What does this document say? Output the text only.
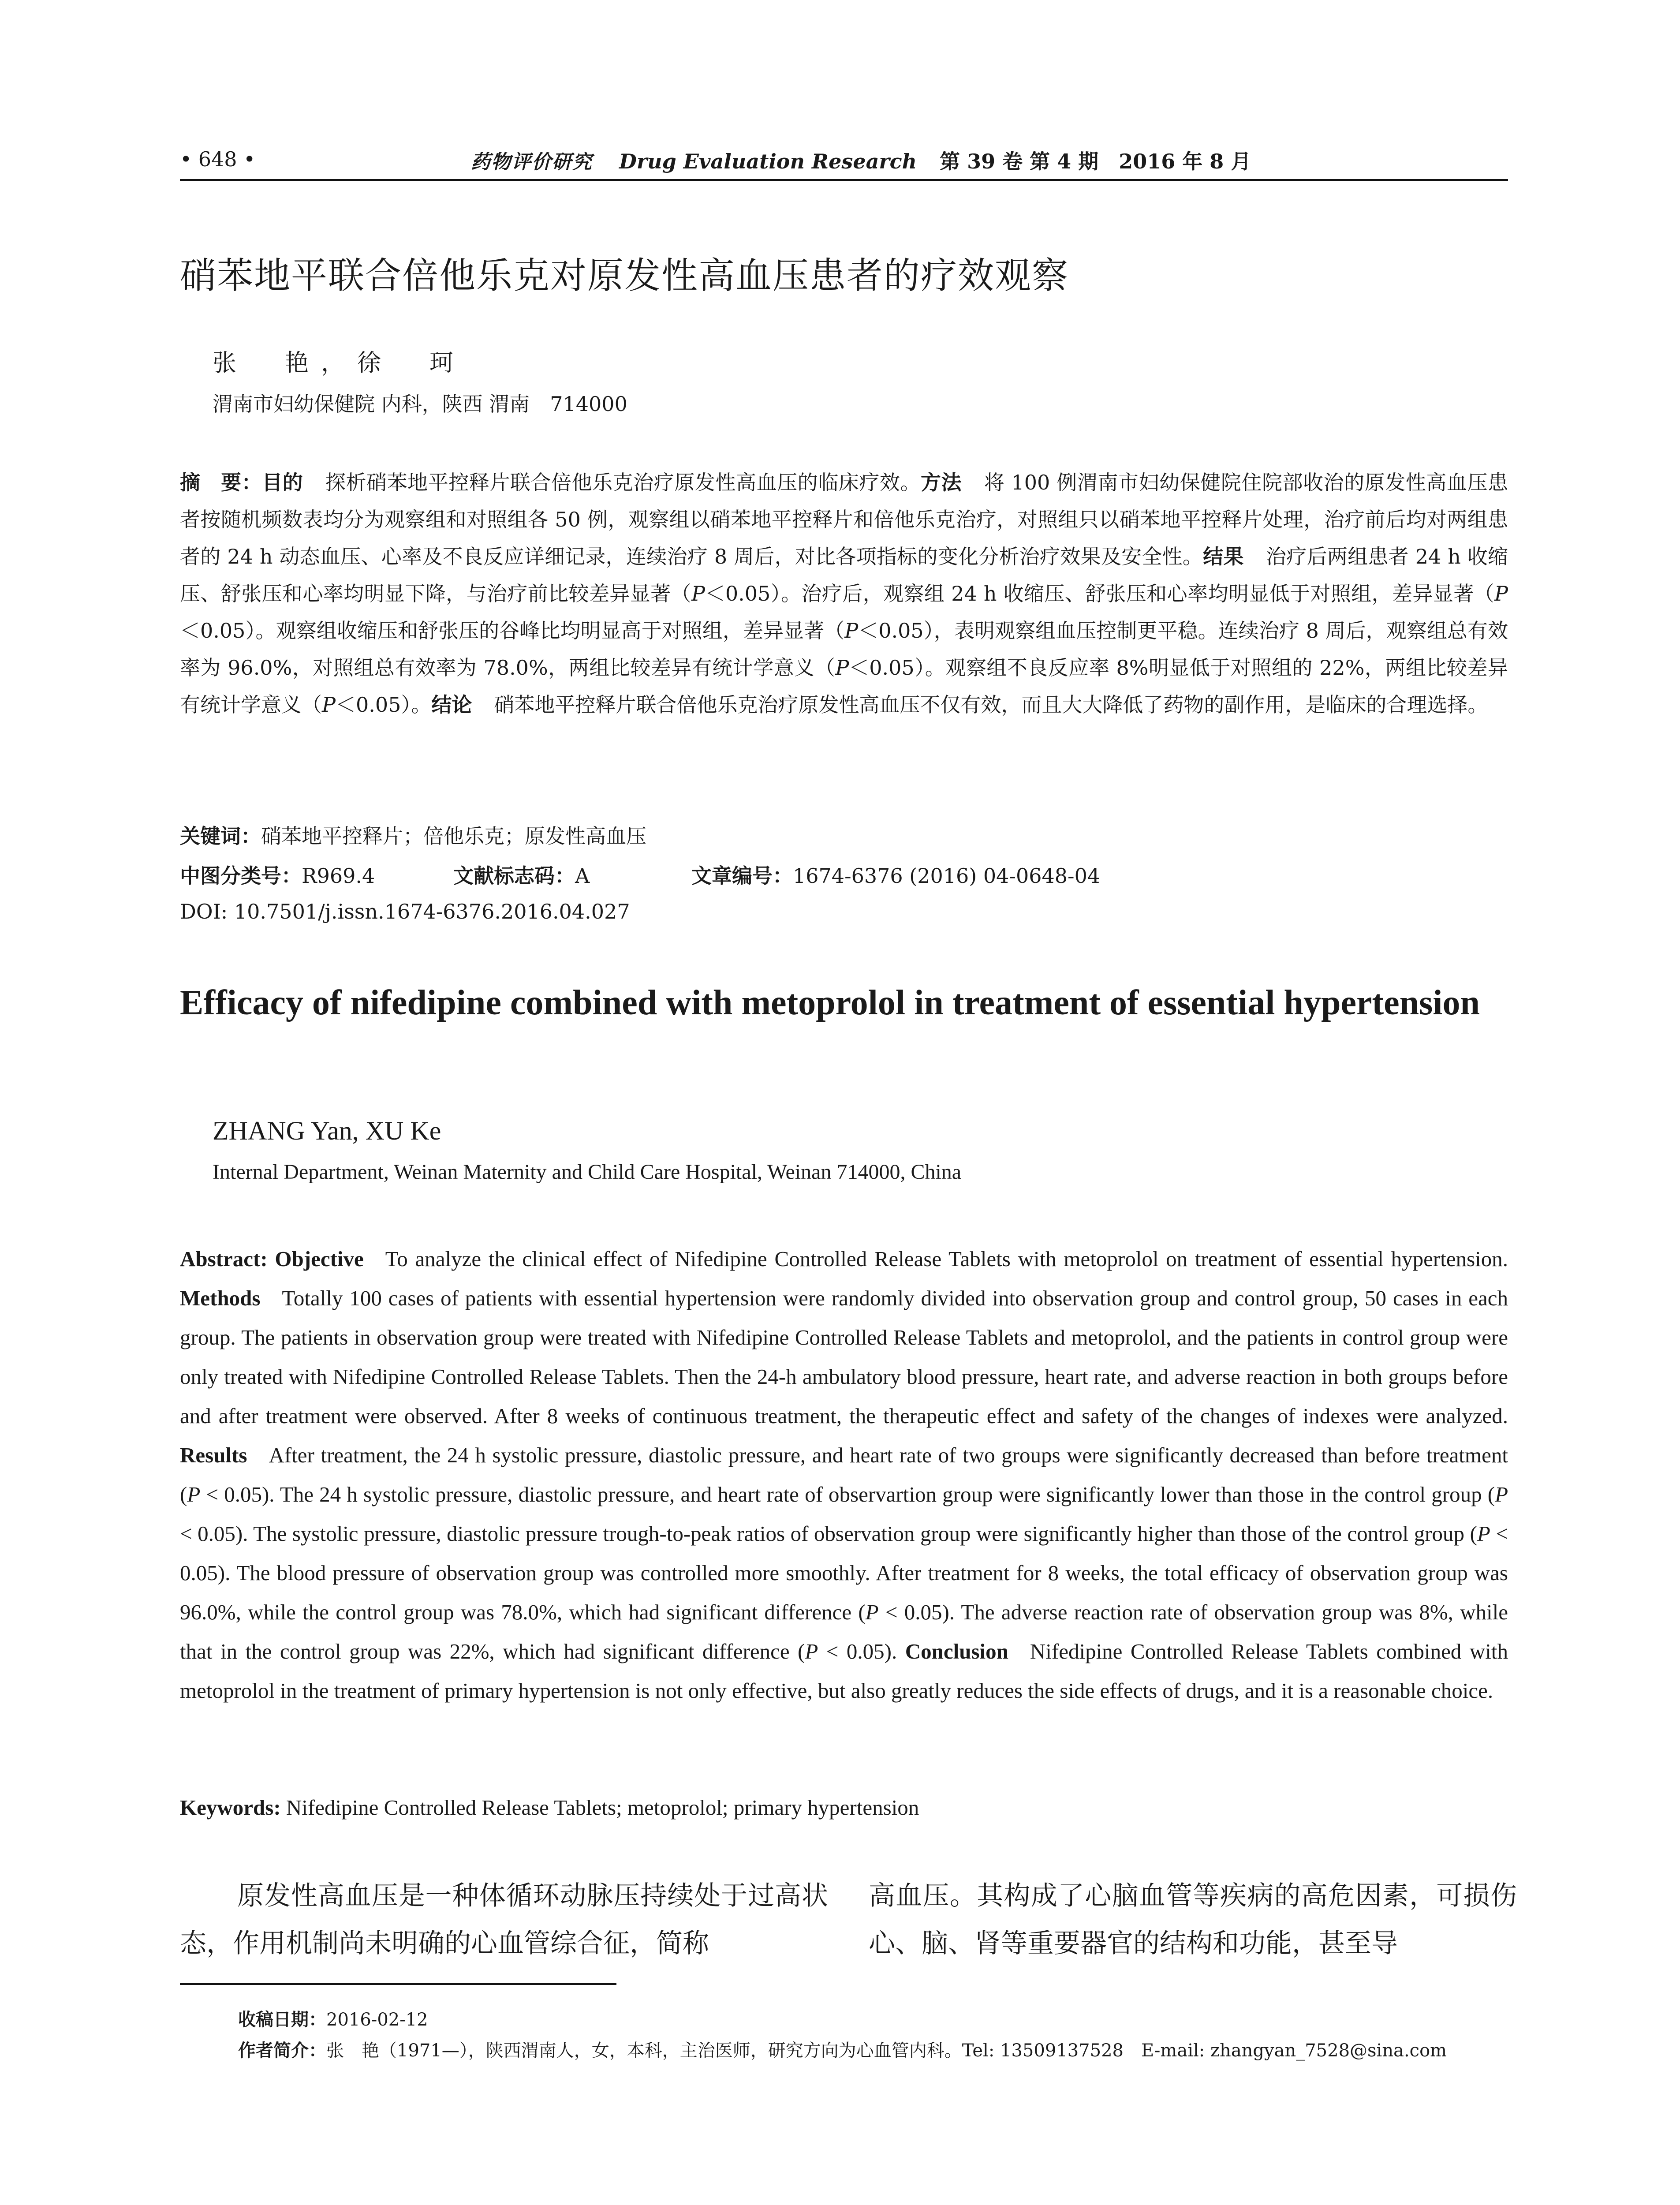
• 648 •	药物评价研究 Drug Evaluation Research 第 39 卷 第 4 期　2016 年 8 月
硝苯地平联合倍他乐克对原发性高血压患者的疗效观察
张　艳，徐　珂
渭南市妇幼保健院 内科，陕西 渭南　714000

摘　要：目的 探析硝苯地平控释片联合倍他乐克治疗原发性高血压的临床疗效。方法 将 100 例渭南市妇幼保健院住院部收治的原发性高血压患者按随机频数表均分为观察组和对照组各 50 例，观察组以硝苯地平控释片和倍他乐克治疗，对照组只以硝苯地平控释片处理，治疗前后均对两组患者的 24 h 动态血压、心率及不良反应详细记录，连续治疗 8 周后，对比各项指标的变化分析治疗效果及安全性。结果 治疗后两组患者 24 h 收缩压、舒张压和心率均明显下降，与治疗前比较差异显著（P＜0.05）。治疗后，观察组 24 h 收缩压、舒张压和心率均明显低于对照组，差异显著（P＜0.05）。观察组收缩压和舒张压的谷峰比均明显高于对照组，差异显著（P＜0.05），表明观察组血压控制更平稳。连续治疗 8 周后，观察组总有效率为 96.0%，对照组总有效率为 78.0%，两组比较差异有统计学意义（P＜0.05）。观察组不良反应率 8%明显低于对照组的 22%，两组比较差异有统计学意义（P＜0.05）。结论 硝苯地平控释片联合倍他乐克治疗原发性高血压不仅有效，而且大大降低了药物的副作用，是临床的合理选择。

关键词：硝苯地平控释片；倍他乐克；原发性高血压
中图分类号：R969.4	文献标志码：A	文章编号：1674-6376 (2016) 04-0648-04
DOI: 10.7501/j.issn.1674-6376.2016.04.027
Efficacy of nifedipine combined with metoprolol in treatment of essential hypertension
ZHANG Yan, XU Ke
Internal Department, Weinan Maternity and Child Care Hospital, Weinan 714000, China
Abstract: Objective   To analyze the clinical effect of Nifedipine Controlled Release Tablets with metoprolol on treatment of essential hypertension. Methods   Totally 100 cases of patients with essential hypertension were randomly divided into observation group and control group, 50 cases in each group. The patients in observation group were treated with Nifedipine Controlled Release Tablets and metoprolol, and the patients in control group were only treated with Nifedipine Controlled Release Tablets. Then the 24-h ambulatory blood pressure, heart rate, and adverse reaction in both groups before and after treatment were observed. After 8 weeks of continuous treatment, the therapeutic effect and safety of the changes of indexes were analyzed. Results   After treatment, the 24 h systolic pressure, diastolic pressure, and heart rate of two groups were significantly decreased than before treatment (P < 0.05). The 24 h systolic pressure, diastolic pressure, and heart rate of observartion group were significantly lower than those in the control group (P < 0.05). The systolic pressure, diastolic pressure trough-to-peak ratios of observation group were significantly higher than those of the control group (P < 0.05). The blood pressure of observation group was controlled more smoothly. After treatment for 8 weeks, the total efficacy of observation group was 96.0%, while the control group was 78.0%, which had significant difference (P < 0.05). The adverse reaction rate of observation group was 8%, while that in the control group was 22%, which had significant difference (P < 0.05). Conclusion   Nifedipine Controlled Release Tablets combined with metoprolol in the treatment of primary hypertension is not only effective, but also greatly reduces the side effects of drugs, and it is a reasonable choice.
Keywords: Nifedipine Controlled Release Tablets; metoprolol; primary hypertension
原发性高血压是一种体循环动脉压持续处于过高状态，作用机制尚未明确的心血管综合征，简称
高血压。其构成了心脑血管等疾病的高危因素，可损伤心、脑、肾等重要器官的结构和功能，甚至导
收稿日期：2016-02-12
作者简介：张　艳（1971—），陕西渭南人，女，本科，主治医师，研究方向为心血管内科。Tel: 13509137528　E-mail: zhangyan_7528@sina.com
